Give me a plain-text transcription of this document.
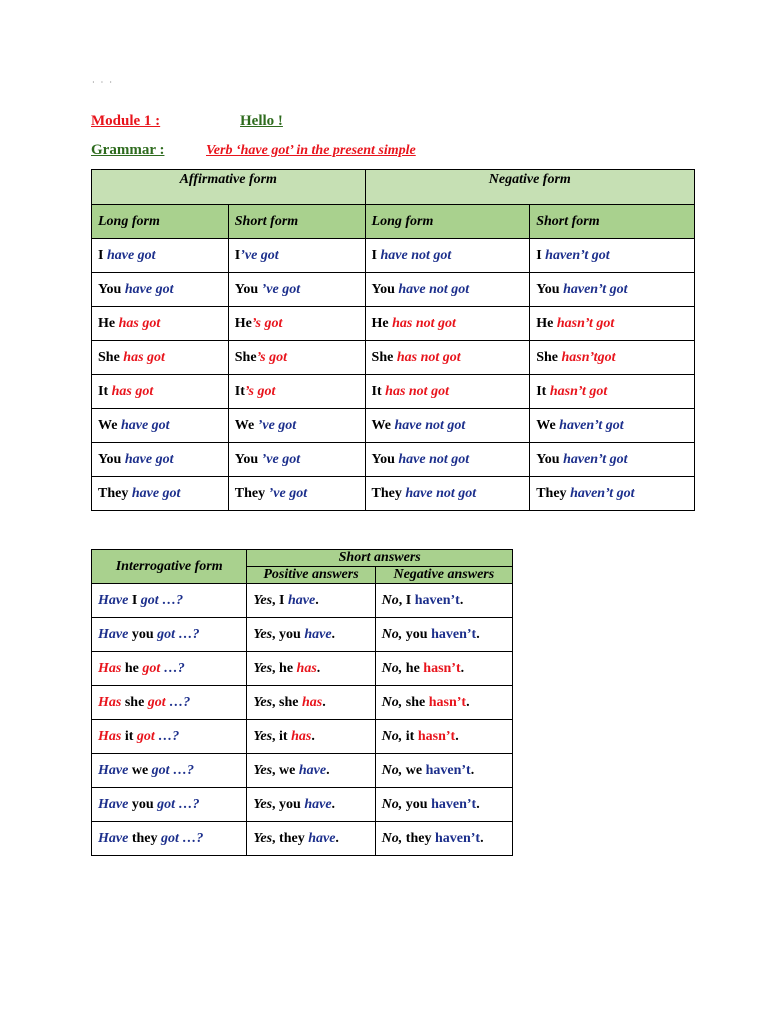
· · ·
Module 1 :	Hello !
Grammar :	Verb ‘have got’ in the present simple
Affirmative form		Negative form	
Long form	Short form	Long form	Short form
I have got	I’ve got	I have not got	I haven’t got
You have got	You ’ve got	You have not got	You haven’t got
He has got	He’s got	He has not got	He hasn’t got
She has got	She’s got	She has not got	She hasn’tgot
It has got	It’s got	It has not got	It hasn’t got
We have got	We ’ve got	We have not got	We haven’t got
You have got	You ’ve got	You have not got	You haven’t got
They have got	They ’ve got	They have not got	They haven’t got
Interrogative form	Short answers	
	Positive answers	Negative answers
Have I got …?	Yes, I have.	No, I haven’t.
Have you got …?	Yes, you have.	No, you haven’t.
Has he got …?	Yes, he has.	No, he hasn’t.
Has she got …?	Yes, she has.	No, she hasn’t.
Has it got …?	Yes, it has.	No, it hasn’t.
Have we got …?	Yes, we have.	No, we haven’t.
Have you got …?	Yes, you have.	No, you haven’t.
Have they got …?	Yes, they have.	No, they haven’t.
